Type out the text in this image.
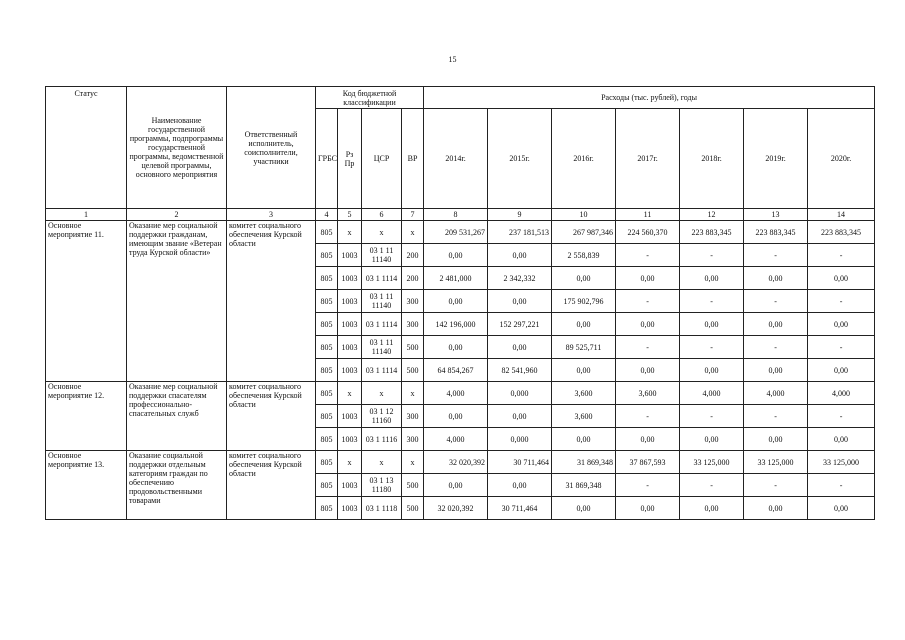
15
Статус	Наименование государственной программы, подпрограммы государственной программы, ведомственной целевой программы, основного мероприятия	Ответственный исполнитель, соисполнители, участники	Код бюджетной классификации				Расходы (тыс. рублей), годы						
			ГРБС	Рз Пр	ЦСР	ВР	2014г.	2015г.	2016г.	2017г.	2018г.	2019г.	2020г.
1	2	3	4	5	6	7	8	9	10	11	12	13	14
Основное мероприятие 11.	Оказание мер социальной поддержки гражданам, имеющим звание «Ветеран труда Курской области»	комитет социального обеспечения Курской области	805	х	х	х	209 531,267	237 181,513	267 987,346	224 560,370	223 883,345	223 883,345	223 883,345
			805	1003	03 1 11 11140	200	0,00	0,00	2 558,839	-	-	-	-
			805	1003	03 1 1114	200	2 481,000	2 342,332	0,00	0,00	0,00	0,00	0,00
			805	1003	03 1 11 11140	300	0,00	0,00	175 902,796	-	-	-	-
			805	1003	03 1 1114	300	142 196,000	152 297,221	0,00	0,00	0,00	0,00	0,00
			805	1003	03 1 11 11140	500	0,00	0,00	89 525,711	-	-	-	-
			805	1003	03 1 1114	500	64 854,267	82 541,960	0,00	0,00	0,00	0,00	0,00
Основное мероприятие 12.	Оказание мер социальной поддержки спасателям профессионально-спасательных служб	комитет социального обеспечения Курской области	805	х	х	х	4,000	0,000	3,600	3,600	4,000	4,000	4,000
			805	1003	03 1 12 11160	300	0,00	0,00	3,600	-	-	-	-
			805	1003	03 1 1116	300	4,000	0,000	0,00	0,00	0,00	0,00	0,00
Основное мероприятие 13.	Оказание социальной поддержки отдельным категориям граждан по обеспечению продовольственными товарами	комитет социального обеспечения Курской области	805	х	х	х	32 020,392	30 711,464	31 869,348	37 867,593	33 125,000	33 125,000	33 125,000
			805	1003	03 1 13 11180	500	0,00	0,00	31 869,348	-	-	-	-
			805	1003	03 1 1118	500	32 020,392	30 711,464	0,00	0,00	0,00	0,00	0,00
